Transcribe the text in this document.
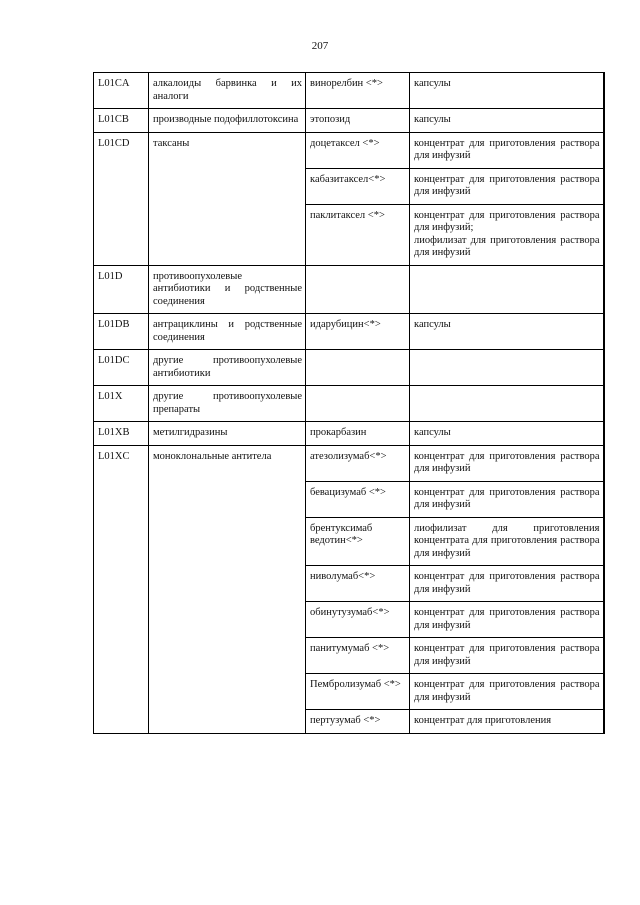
207
L01CA	алкалоиды барвинка и их аналоги	винорелбин <*>	капсулы

L01CB	производные подофиллотоксина	этопозид	капсулы

L01CD	таксаны	доцетаксел <*>	концентрат для приготовления раствора для инфузий

		кабазитаксел<*>	концентрат для приготовления раствора для инфузий

		паклитаксел <*>	концентрат для приготовления раствора для инфузий;
лиофилизат для приготовления раствора для инфузий

L01D	противоопухолевые антибиотики и родственные соединения		

L01DB	антрациклины и родственные соединения	идарубицин<*>	капсулы

L01DC	другие противоопухолевые антибиотики		

L01X	другие противоопухолевые препараты		

L01XB	метилгидразины	прокарбазин	капсулы

L01XC	моноклональные антитела	атезолизумаб<*>	концентрат для приготовления раствора для инфузий

		бевацизумаб <*>	концентрат для приготовления раствора для инфузий

		брентуксимаб ведотин<*>	лиофилизат для приготовления концентрата для приготовления раствора для инфузий

		ниволумаб<*>	концентрат для приготовления раствора для инфузий

		обинутузумаб<*>	концентрат для приготовления раствора для инфузий

		панитумумаб <*>	концентрат для приготовления раствора для инфузий

		Пембролизумаб <*>	концентрат для приготовления раствора для инфузий

		пертузумаб <*>	концентрат для приготовления
